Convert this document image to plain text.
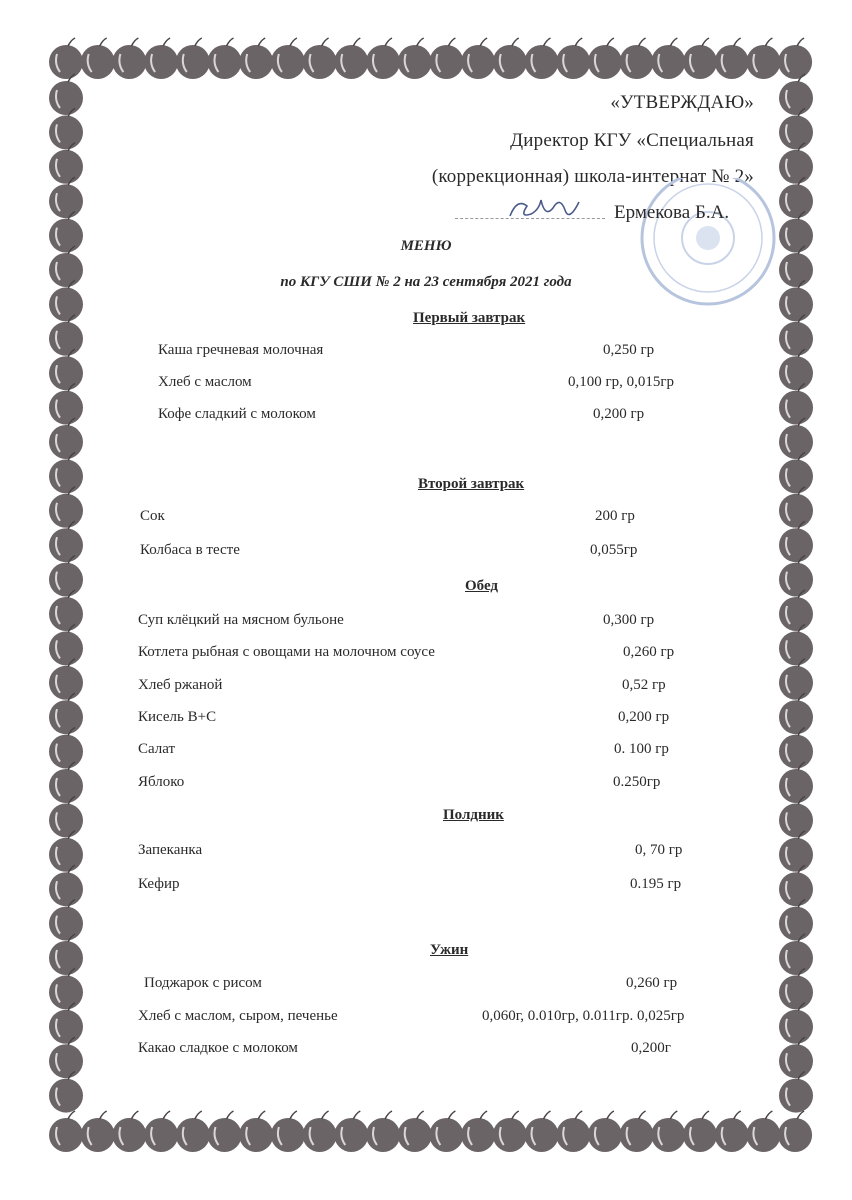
«УТВЕРЖДАЮ»
Директор КГУ «Специальная
(коррекционная) школа-интернат № 2»
Ермекова Б.А.
МЕНЮ
по КГУ СШИ № 2 на 23 сентября 2021 года
Первый завтрак
Каша гречневая молочная	0,250 гр
Хлеб с маслом	0,100 гр, 0,015гр
Кофе сладкий с молоком	0,200 гр
Второй завтрак
Сок	200 гр
Колбаса в тесте	0,055гр
Обед
Суп клёцкий на мясном бульоне	0,300 гр
Котлета рыбная с овощами на молочном соусе	0,260 гр
Хлеб ржаной	0,52 гр
Кисель В+С	0,200 гр
Салат	0. 100 гр
Яблоко	0.250гр
Полдник
Запеканка	0, 70 гр
Кефир	0.195 гр
Ужин
Поджарок с рисом	0,260 гр
Хлеб с маслом, сыром, печенье	0,060г, 0.010гр, 0.011гр. 0,025гр
Какао сладкое с молоком	0,200г
